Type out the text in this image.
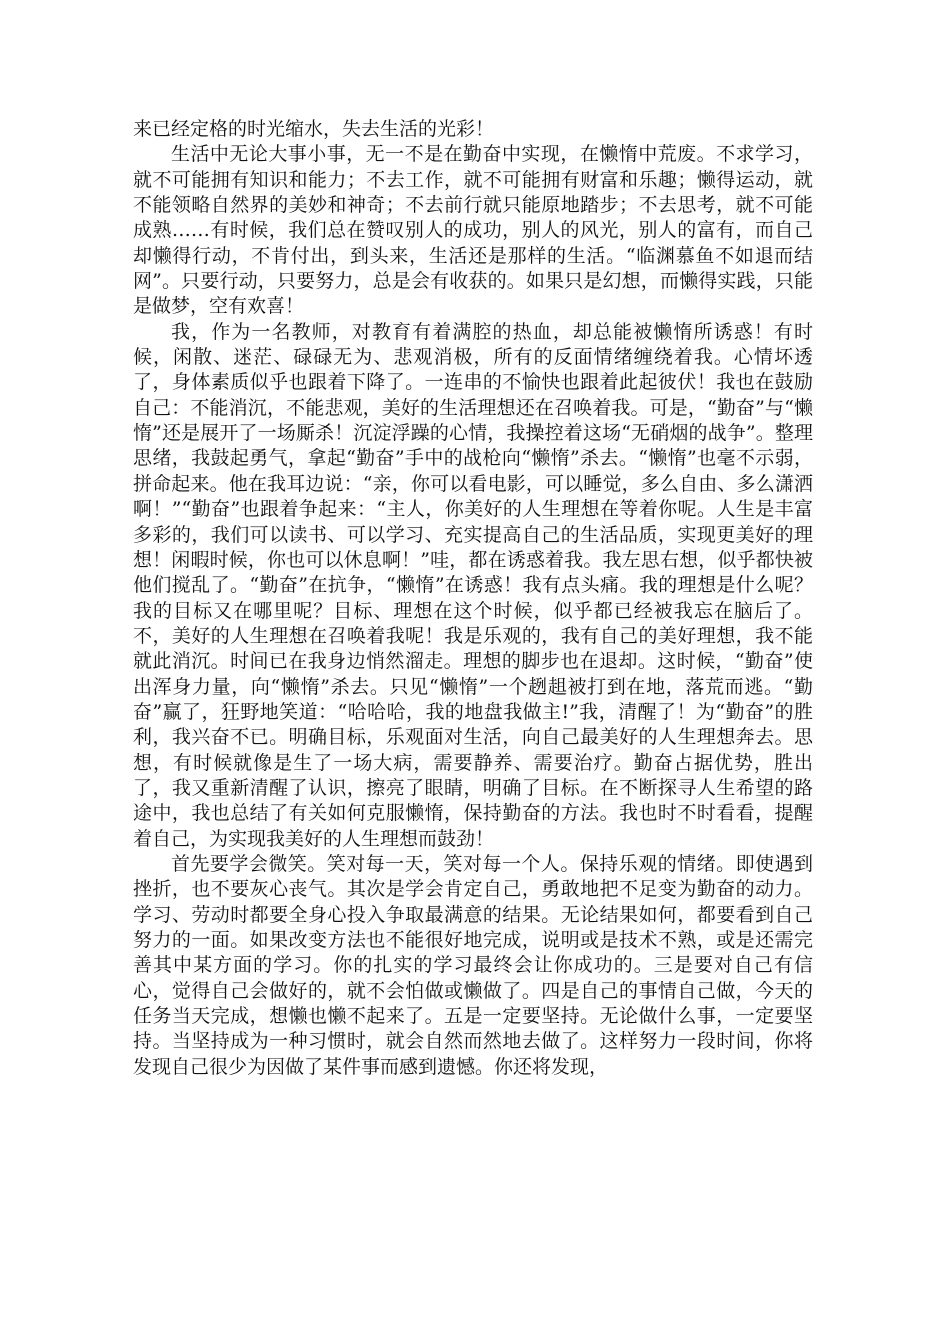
来已经定格的时光缩水，失去生活的光彩！

生活中无论大事小事，无一不是在勤奋中实现，在懒惰中荒废。不求学习，就不可能拥有知识和能力；不去工作，就不可能拥有财富和乐趣；懒得运动，就不能领略自然界的美妙和神奇；不去前行就只能原地踏步；不去思考，就不可能成熟……有时候，我们总在赞叹别人的成功，别人的风光，别人的富有，而自己却懒得行动，不肯付出，到头来，生活还是那样的生活。“临渊慕鱼不如退而结网”。只要行动，只要努力，总是会有收获的。如果只是幻想，而懒得实践，只能是做梦，空有欢喜！

我，作为一名教师，对教育有着满腔的热血，却总能被懒惰所诱惑！有时候，闲散、迷茫、碌碌无为、悲观消极，所有的反面情绪缠绕着我。心情坏透了，身体素质似乎也跟着下降了。一连串的不愉快也跟着此起彼伏！我也在鼓励自己：不能消沉，不能悲观，美好的生活理想还在召唤着我。可是，“勤奋”与“懒惰”还是展开了一场厮杀！沉淀浮躁的心情，我操控着这场“无硝烟的战争”。整理思绪，我鼓起勇气，拿起“勤奋”手中的战枪向“懒惰”杀去。“懒惰”也毫不示弱，拼命起来。他在我耳边说：“亲，你可以看电影，可以睡觉，多么自由、多么潇洒啊！”“勤奋”也跟着争起来：“主人，你美好的人生理想在等着你呢。人生是丰富多彩的，我们可以读书、可以学习、充实提高自己的生活品质，实现更美好的理想！闲暇时候，你也可以休息啊！”哇，都在诱惑着我。我左思右想，似乎都快被他们搅乱了。“勤奋”在抗争，“懒惰”在诱惑！我有点头痛。我的理想是什么呢？我的目标又在哪里呢？目标、理想在这个时候，似乎都已经被我忘在脑后了。不，美好的人生理想在召唤着我呢！我是乐观的，我有自己的美好理想，我不能就此消沉。时间已在我身边悄然溜走。理想的脚步也在退却。这时候，“勤奋”使出浑身力量，向“懒惰”杀去。只见“懒惰”一个趔趄被打到在地，落荒而逃。“勤奋”赢了，狂野地笑道：“哈哈哈，我的地盘我做主!”我，清醒了！为“勤奋”的胜利，我兴奋不已。明确目标，乐观面对生活，向自己最美好的人生理想奔去。思想，有时候就像是生了一场大病，需要静养、需要治疗。勤奋占据优势，胜出了，我又重新清醒了认识，擦亮了眼睛，明确了目标。在不断探寻人生希望的路途中，我也总结了有关如何克服懒惰，保持勤奋的方法。我也时不时看看，提醒着自己，为实现我美好的人生理想而鼓劲！

首先要学会微笑。笑对每一天，笑对每一个人。保持乐观的情绪。即使遇到挫折，也不要灰心丧气。其次是学会肯定自己，勇敢地把不足变为勤奋的动力。学习、劳动时都要全身心投入争取最满意的结果。无论结果如何，都要看到自己努力的一面。如果改变方法也不能很好地完成，说明或是技术不熟，或是还需完善其中某方面的学习。你的扎实的学习最终会让你成功的。三是要对自己有信心，觉得自己会做好的，就不会怕做或懒做了。四是自己的事情自己做，今天的任务当天完成，想懒也懒不起来了。五是一定要坚持。无论做什么事，一定要坚持。当坚持成为一种习惯时，就会自然而然地去做了。这样努力一段时间，你将发现自己很少为因做了某件事而感到遗憾。你还将发现，
